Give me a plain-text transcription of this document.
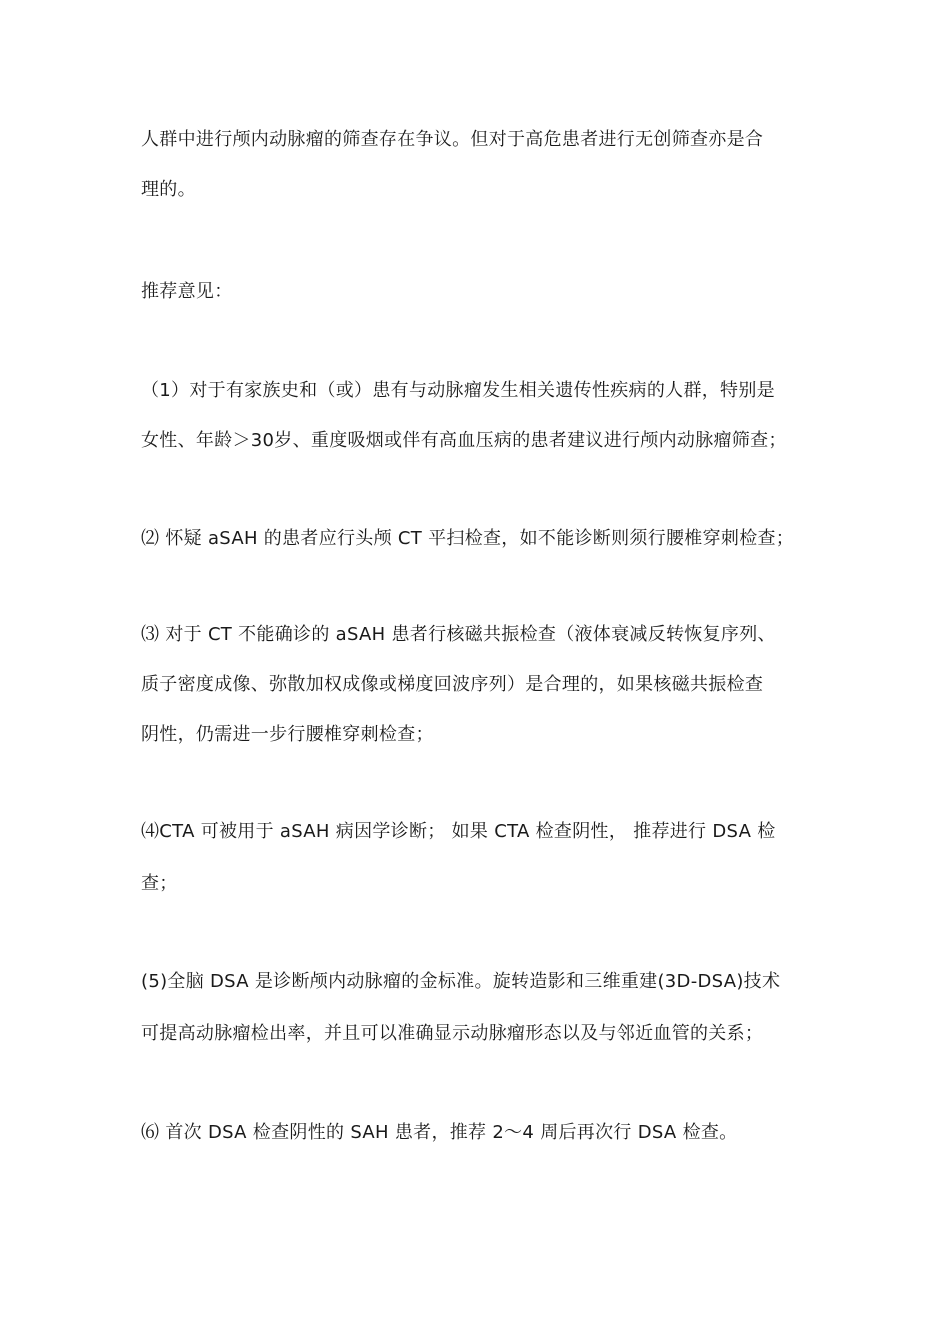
人群中进行颅内动脉瘤的筛查存在争议。但对于高危患者进行无创筛查亦是合
理的。
推荐意见：
（1）对于有家族史和（或）患有与动脉瘤发生相关遗传性疾病的人群，特别是
女性、年龄＞30岁、重度吸烟或伴有高血压病的患者建议进行颅内动脉瘤筛查；
⑵ 怀疑 aSAH 的患者应行头颅 CT 平扫检查，如不能诊断则须行腰椎穿刺检查；
⑶ 对于 CT 不能确诊的 aSAH 患者行核磁共振检查（液体衰减反转恢复序列、
质子密度成像、弥散加权成像或梯度回波序列）是合理的，如果核磁共振检查
阴性，仍需进一步行腰椎穿刺检查；
⑷CTA 可被用于 aSAH 病因学诊断； 如果 CTA 检查阴性， 推荐进行 DSA 检
查；
(5)全脑 DSA 是诊断颅内动脉瘤的金标准。旋转造影和三维重建(3D-DSA)技术
可提高动脉瘤检出率，并且可以准确显示动脉瘤形态以及与邻近血管的关系；
⑹ 首次 DSA 检查阴性的 SAH 患者，推荐 2～4 周后再次行 DSA 检查。
